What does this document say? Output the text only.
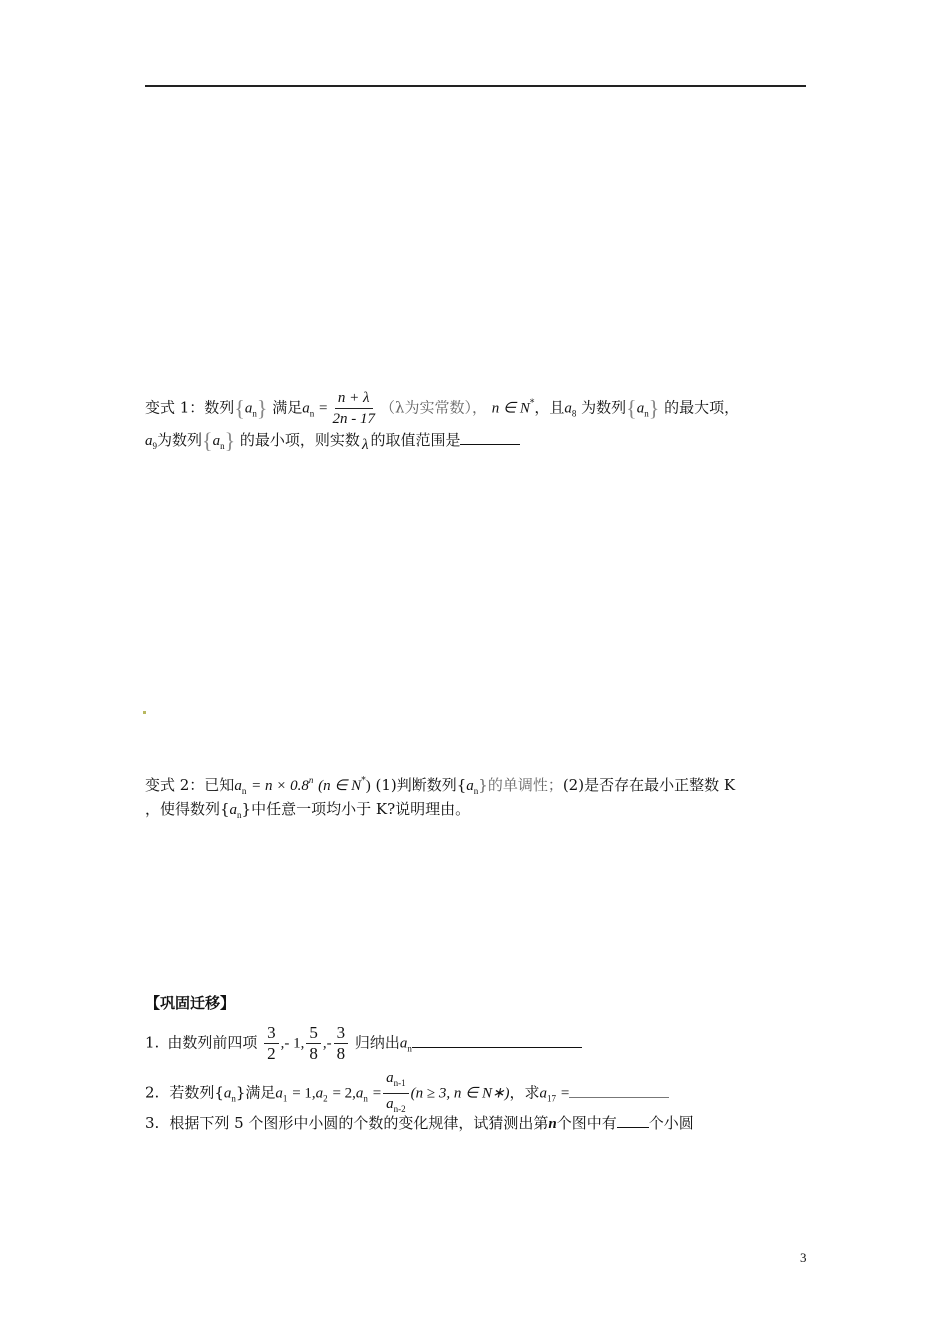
变式 1：数列$\{a_n\}$ 满足$a_n = \frac{n + \lambda}{2n - 17} (\lambda$为实常数）， n ∈ N*，且$a_8$ 为数列$\{a_n\}$ 的最大项，
$a_9$为数列$\{a_n\}$ 的最小项，则实数 λ 的取值范围是
变式 2：已知$a_n = n \times 0.8^n$ (n ∈ N*) (1)判断数列$\{a_n\}$的单调性；(2)是否存在最小正整数 K
，使得数列$\{a_n\}$中任意一项均小于 K?说明理由。
【巩固迁移】
1. 由数列前四项 $\frac{3}{2}$ ,- 1, $\frac{5}{8}$ ,- $\frac{3}{8}$ 归纳出$a_n$
2. 若数列$\{a_n\}$满足$a_1 = 1,a_2 = 2,a_n = \frac{a_{n-1}}{a_{n-2}} (n \ge 3$, n ∈ N∗)，求$a_{17}$ =
3. 根据下列 5 个图形中小圆的个数的变化规律，试猜测出第n个图中有 个小圆
3
